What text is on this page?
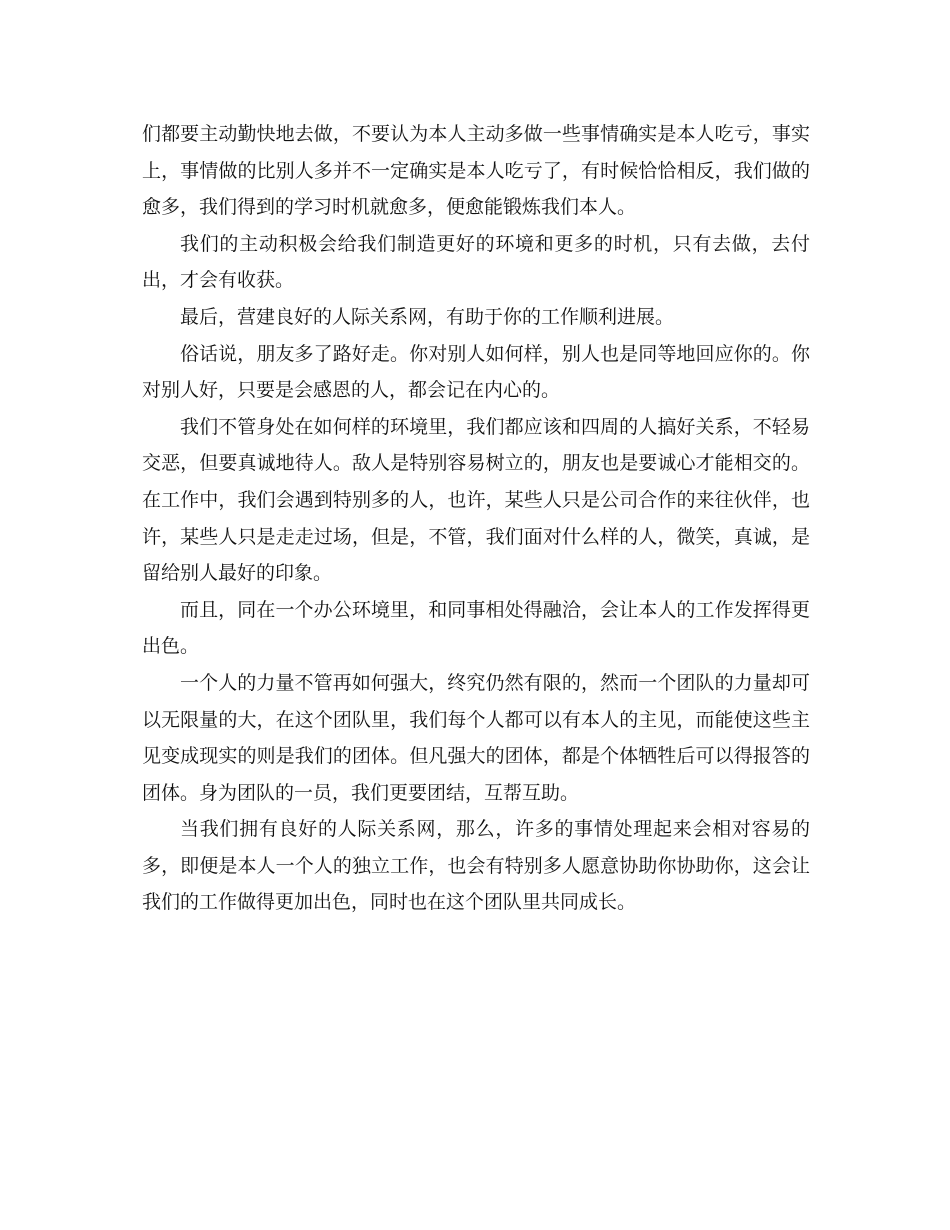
们都要主动勤快地去做，不要认为本人主动多做一些事情确实是本人吃亏，事实上，事情做的比别人多并不一定确实是本人吃亏了，有时候恰恰相反，我们做的愈多，我们得到的学习时机就愈多，便愈能锻炼我们本人。

我们的主动积极会给我们制造更好的环境和更多的时机，只有去做，去付出，才会有收获。

最后，营建良好的人际关系网，有助于你的工作顺利进展。

俗话说，朋友多了路好走。你对别人如何样，别人也是同等地回应你的。你对别人好，只要是会感恩的人，都会记在内心的。

我们不管身处在如何样的环境里，我们都应该和四周的人搞好关系，不轻易交恶，但要真诚地待人。敌人是特别容易树立的，朋友也是要诚心才能相交的。在工作中，我们会遇到特别多的人，也许，某些人只是公司合作的来往伙伴，也许，某些人只是走走过场，但是，不管，我们面对什么样的人，微笑，真诚，是留给别人最好的印象。

而且，同在一个办公环境里，和同事相处得融洽，会让本人的工作发挥得更出色。

一个人的力量不管再如何强大，终究仍然有限的，然而一个团队的力量却可以无限量的大，在这个团队里，我们每个人都可以有本人的主见，而能使这些主见变成现实的则是我们的团体。但凡强大的团体，都是个体牺牲后可以得报答的团体。身为团队的一员，我们更要团结，互帮互助。

当我们拥有良好的人际关系网，那么，许多的事情处理起来会相对容易的多，即便是本人一个人的独立工作，也会有特别多人愿意协助你协助你，这会让我们的工作做得更加出色，同时也在这个团队里共同成长。
